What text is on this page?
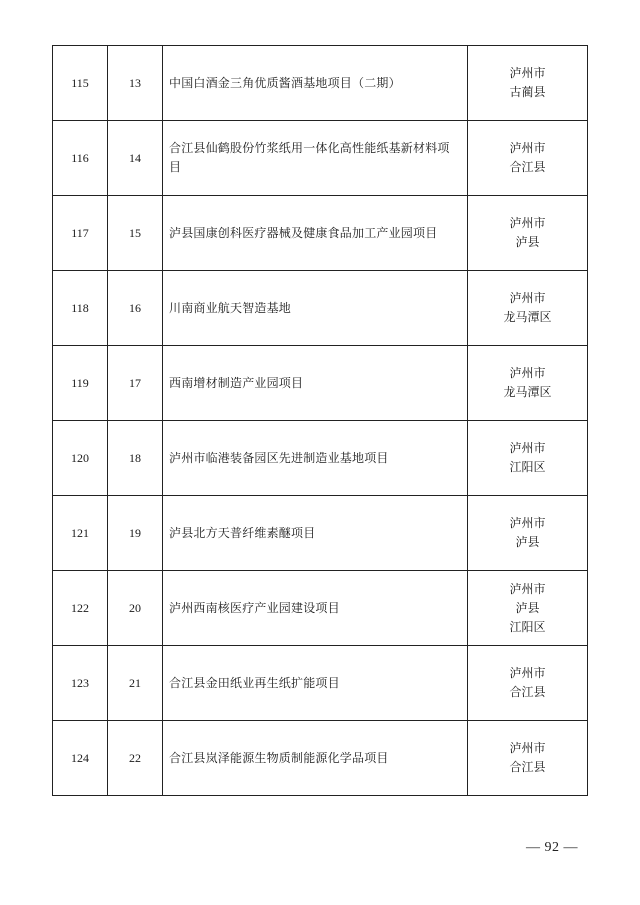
115	13	中国白酒金三角优质酱酒基地项目（二期）	泸州市
古蔺县

116	14	合江县仙鹤股份竹浆纸用一体化高性能纸基新材料项目	泸州市
合江县

117	15	泸县国康创科医疗器械及健康食品加工产业园项目	泸州市
泸县

118	16	川南商业航天智造基地	泸州市
龙马潭区

119	17	西南增材制造产业园项目	泸州市
龙马潭区

120	18	泸州市临港装备园区先进制造业基地项目	泸州市
江阳区

121	19	泸县北方天普纤维素醚项目	泸州市
泸县

122	20	泸州西南核医疗产业园建设项目	泸州市
泸县
江阳区

123	21	合江县金田纸业再生纸扩能项目	泸州市
合江县

124	22	合江县岚泽能源生物质制能源化学品项目	泸州市
合江县
— 92 —
